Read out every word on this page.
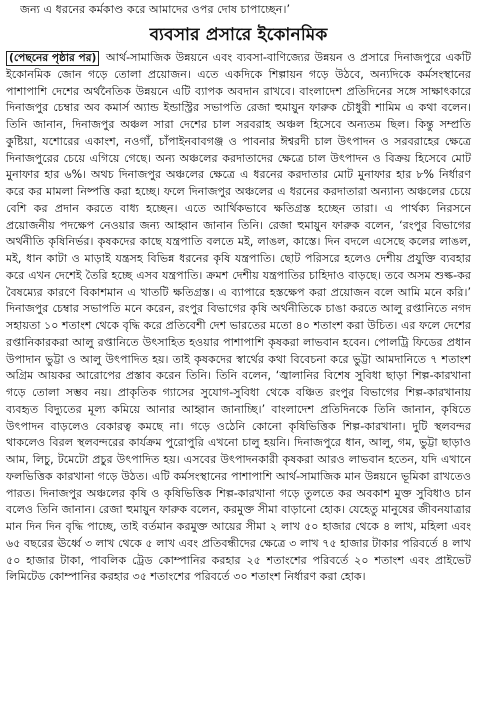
জন্য এ ধরনের কর্মকাণ্ড করে আমাদের ওপর দোষ চাপাচ্ছেন।’
ব্যবসার প্রসারে ইকোনমিক
(পেছনের পৃষ্ঠার পর) আর্থ-সামাজিক উন্নয়নে এবং ব্যবসা-বাণিজ্যের উন্নয়ন ও প্রসারে দিনাজপুরে একটি ইকোনমিক জোন গড়ে তোলা প্রয়োজন। এতে একদিকে শিল্পায়ন গড়ে উঠবে, অন্যদিকে কর্মসংস্থানের পাশাপাশি দেশের অর্থনৈতিক উন্নয়নে এটি ব্যাপক অবদান রাখবে। বাংলাদেশ প্রতিদিনের সঙ্গে সাক্ষাৎকারে দিনাজপুর চেম্বার অব কমার্স অ্যান্ড ইন্ডাস্ট্রির সভাপতি রেজা হুমায়ুন ফারুক চৌধুরী শামিম এ কথা বলেন। তিনি জানান, দিনাজপুর অঞ্চল সারা দেশের চাল সরবরাহ অঞ্চল হিসেবে অন্যতম ছিল। কিন্তু সম্প্রতি কুষ্টিয়া, যশোরের একাংশ, নওগাঁ, চাঁপাইনবাবগঞ্জ ও পাবনার ঈশ্বরদী চাল উৎপাদন ও সরবরাহের ক্ষেত্রে দিনাজপুরের চেয়ে এগিয়ে গেছে। অন্য অঞ্চলের করদাতাদের ক্ষেত্রে চাল উৎপাদন ও বিক্রয় হিসেবে মোট মুনাফার হার ৬%। অথচ দিনাজপুর অঞ্চলের ক্ষেত্রে এ ধরনের করদাতার মোট মুনাফার হার ৮% নির্ধারণ করে কর মামলা নিষ্পত্তি করা হচ্ছে। ফলে দিনাজপুর অঞ্চলের এ ধরনের করদাতারা অন্যান্য অঞ্চলের চেয়ে বেশি কর প্রদান করতে বাধ্য হচ্ছেন। এতে আর্থিকভাবে ক্ষতিগ্রস্ত হচ্ছেন তারা। এ পার্থক্য নিরসনে প্রয়োজনীয় পদক্ষেপ নেওয়ার জন্য আহ্বান জানান তিনি। রেজা হুমায়ুন ফারুক বলেন, ‘রংপুর বিভাগের অর্থনীতি কৃষিনির্ভর। কৃষকদের কাছে যন্ত্রপাতি বলতে মই, লাঙল, কাস্তে। দিন বদলে এসেছে কলের লাঙল, মই, ধান কাটা ও মাড়াই যন্ত্রসহ বিভিন্ন ধরনের কৃষি যন্ত্রপাতি। ছোট পরিসরে হলেও দেশীয় প্রযুক্তি ব্যবহার করে এখন দেশেই তৈরি হচ্ছে এসব যন্ত্রপাতি। ক্রমশ দেশীয় যন্ত্রপাতির চাহিদাও বাড়ছে। তবে অসম শুল্ক-কর বৈষম্যের কারণে বিকাশমান এ খাতটি ক্ষতিগ্রস্ত। এ ব্যাপারে হস্তক্ষেপ করা প্রয়োজন বলে আমি মনে করি।’ দিনাজপুর চেম্বার সভাপতি মনে করেন, রংপুর বিভাগের কৃষি অর্থনীতিকে চাঙা করতে আলু রপ্তানিতে নগদ সহায়তা ১০ শতাংশ থেকে বৃদ্ধি করে প্রতিবেশী দেশ ভারতের মতো ৪০ শতাংশ করা উচিত। এর ফলে দেশের রপ্তানিকারকরা আলু রপ্তানিতে উৎসাহিত হওয়ার পাশাপাশি কৃষকরা লাভবান হবেন। পোলট্রি ফিডের প্রধান উপাদান ভুট্টা ও আলু উৎপাদিত হয়। তাই কৃষকদের স্বার্থের কথা বিবেচনা করে ভুট্টা আমদানিতে ৭ শতাংশ অগ্রিম আয়কর আরোপের প্রস্তাব করেন তিনি। তিনি বলেন, ‘জ্বালানির বিশেষ সুবিধা ছাড়া শিল্প-কারখানা গড়ে তোলা সম্ভব নয়। প্রাকৃতিক গ্যাসের সুযোগ-সুবিধা থেকে বঞ্চিত রংপুর বিভাগের শিল্প-কারখানায় ব্যবহৃত বিদ্যুতের মূল্য কমিয়ে আনার আহ্বান জানাচ্ছি।’ বাংলাদেশ প্রতিদিনকে তিনি জানান, কৃষিতে উৎপাদন বাড়লেও বেকারত্ব কমছে না। গড়ে ওঠেনি কোনো কৃষিভিত্তিক শিল্প-কারখানা। দুটি স্থলবন্দর থাকলেও বিরল স্থলবন্দরের কার্যক্রম পুরোপুরি এখনো চালু হয়নি। দিনাজপুরে ধান, আলু, গম, ভুট্টা ছাড়াও আম, লিচু, টমেটো প্রচুর উৎপাদিত হয়। এসবের উৎপাদনকারী কৃষকরা আরও লাভবান হতেন, যদি এখানে ফলভিত্তিক কারখানা গড়ে উঠত। এটি কর্মসংস্থানের পাশাপাশি আর্থ-সামাজিক মান উন্নয়নে ভূমিকা রাখতেও পারত। দিনাজপুর অঞ্চলের কৃষি ও কৃষিভিত্তিক শিল্প-কারখানা গড়ে তুলতে কর অবকাশ মুক্ত সুবিধাও চান বলেও তিনি জানান। রেজা হুমায়ুন ফারুক বলেন, করমুক্ত সীমা বাড়ানো হোক। যেহেতু মানুষের জীবনযাত্রার মান দিন দিন বৃদ্ধি পাচ্ছে, তাই বর্তমান করমুক্ত আয়ের সীমা ২ লাখ ৫০ হাজার থেকে ৪ লাখ, মহিলা এবং ৬৫ বছরের ঊর্ধ্বে ৩ লাখ থেকে ৫ লাখ এবং প্রতিবন্ধীদের ক্ষেত্রে ৩ লাখ ৭৫ হাজার টাকার পরিবর্তে ৪ লাখ ৫০ হাজার টাকা, পাবলিক ট্রেড কোম্পানির করহার ২৫ শতাংশের পরিবর্তে ২০ শতাংশ এবং প্রাইভেট লিমিটেড কোম্পানির করহার ৩৫ শতাংশের পরিবর্তে ৩০ শতাংশ নির্ধারণ করা হোক।
